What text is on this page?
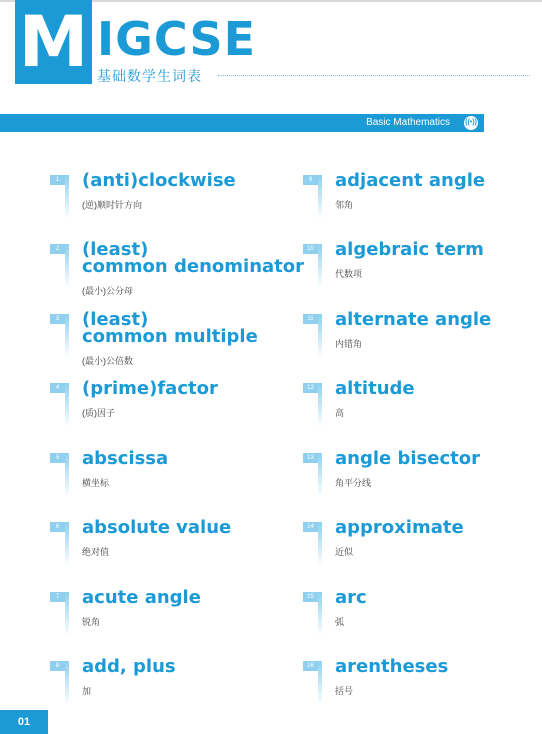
M IGCSE
基础数学生词表
Basic Mathematics ((•))
1	(anti)clockwise
(逆)顺时针方向
2	(least)
common denominator
(最小)公分母
3	(least)
common multiple
(最小)公倍数
4	(prime)factor
(质)因子
5	abscissa
横坐标
6	absolute value
绝对值
7	acute angle
锐角
8	add, plus
加
9	adjacent angle
邻角
10 algebraic term
代数项
11 alternate angle
内错角
12 altitude
高
13 angle bisector
角平分线
14 approximate
近似
15 arc
弧
16 arentheses
括号
01
